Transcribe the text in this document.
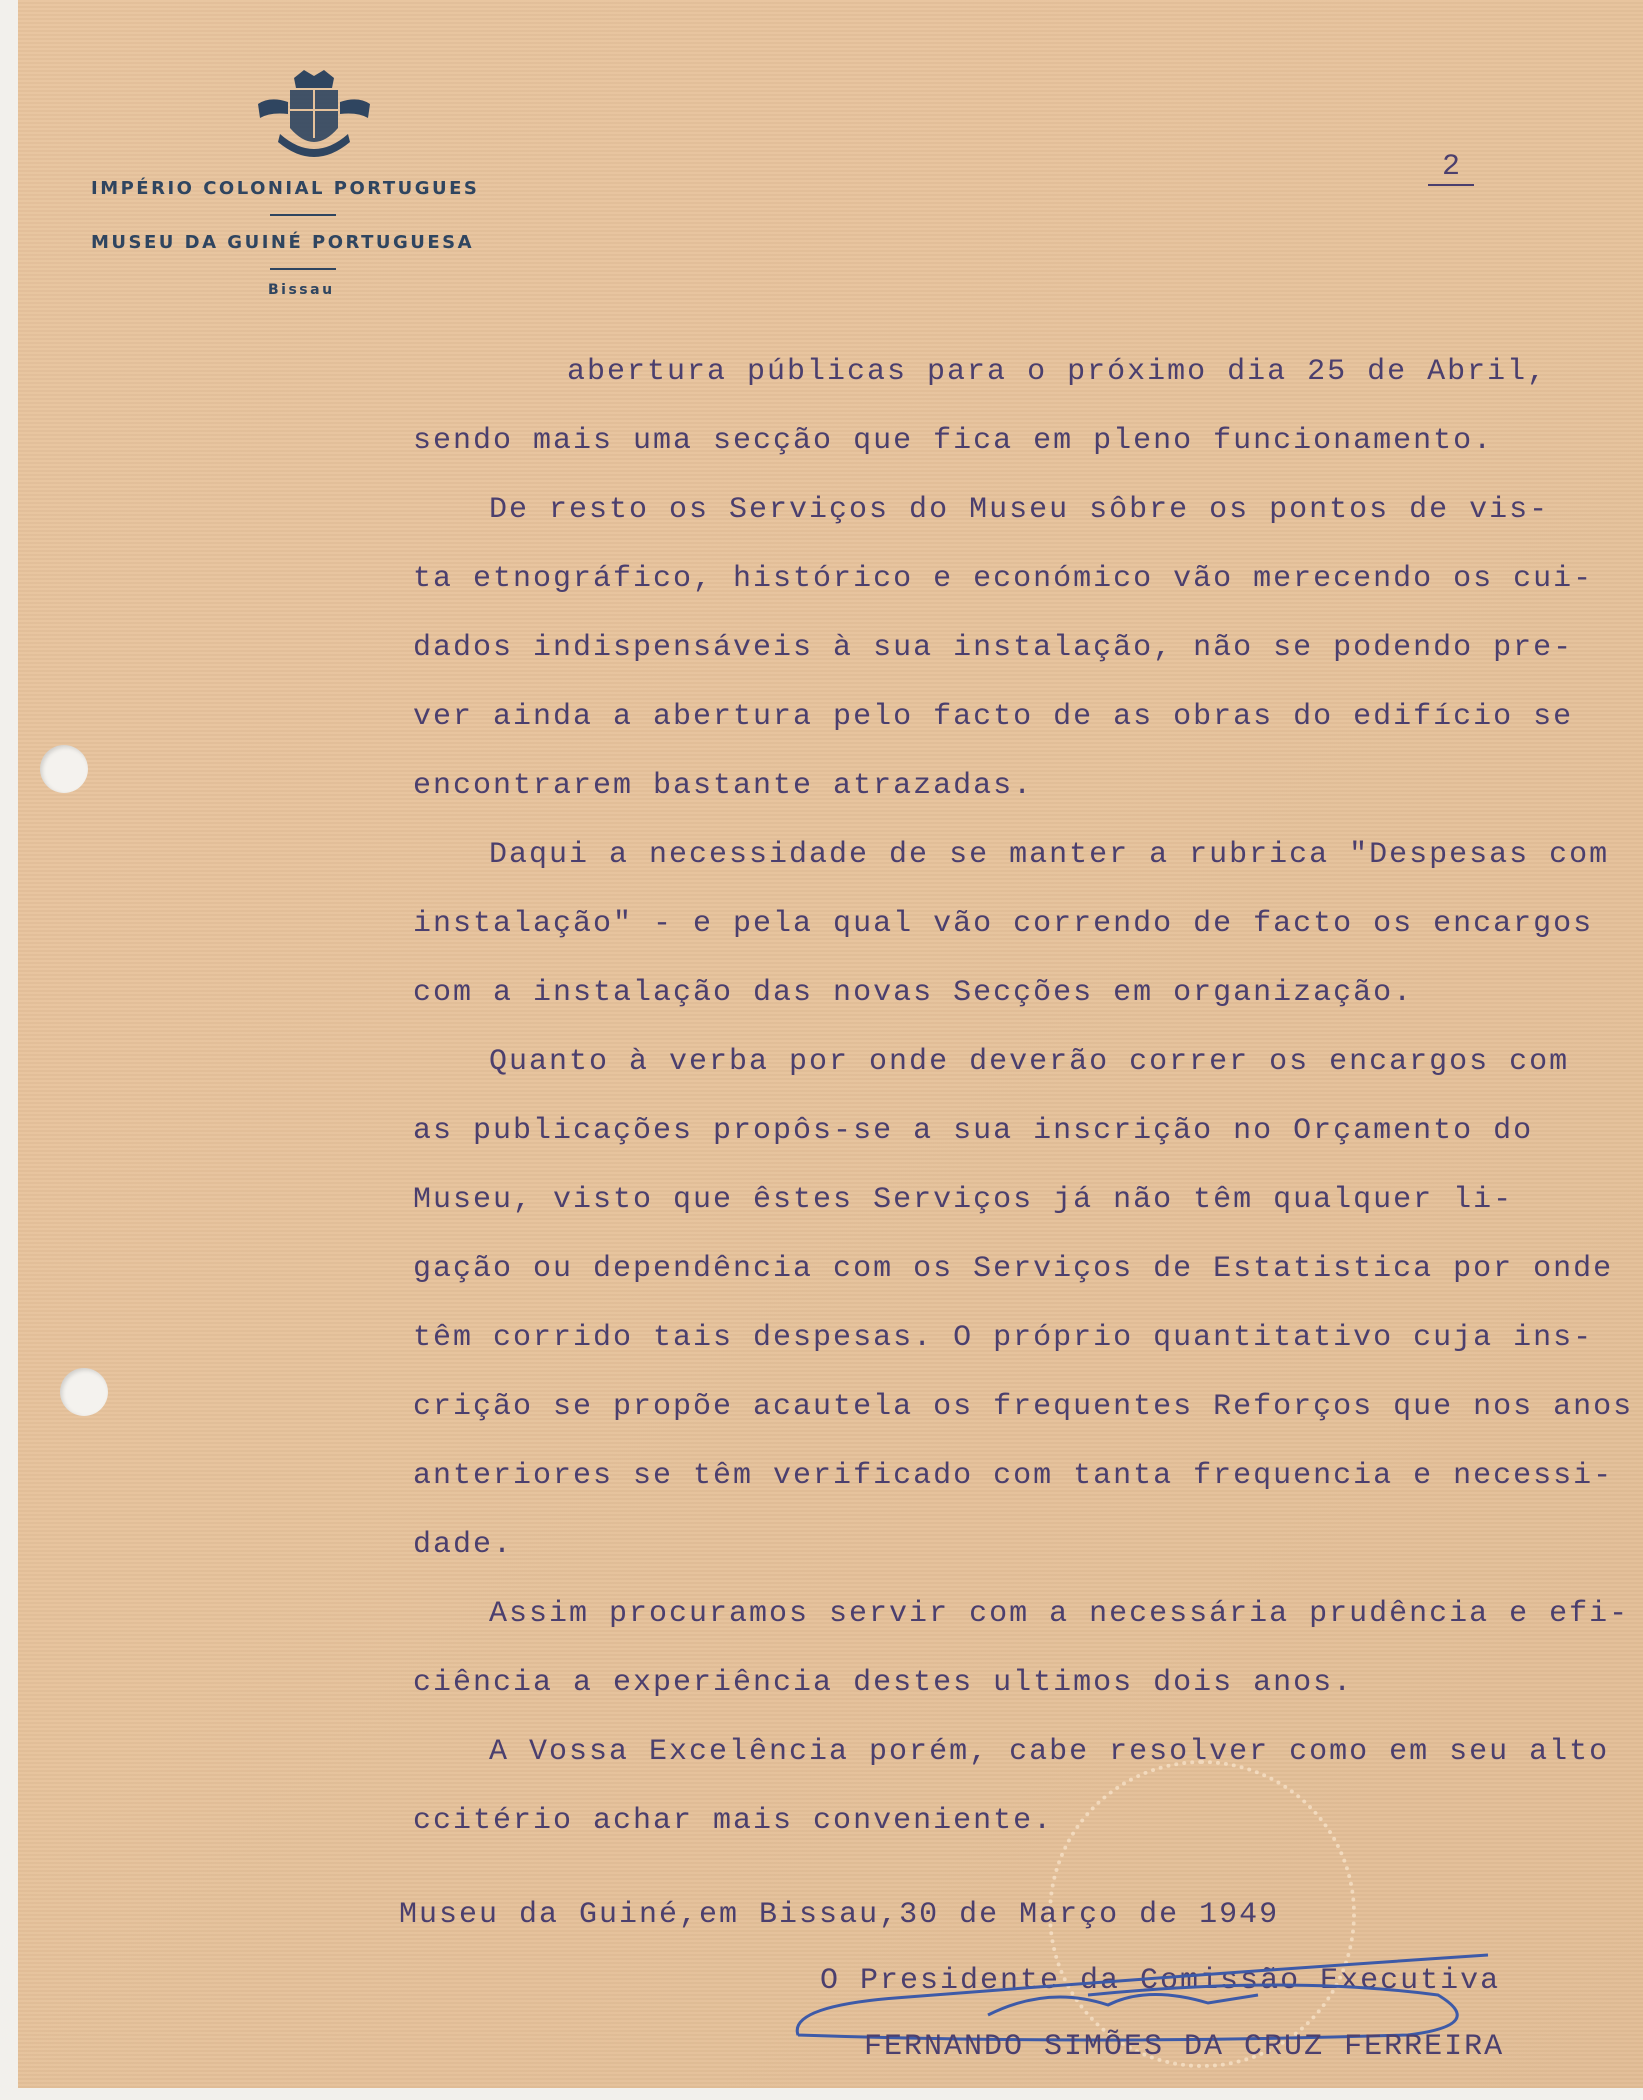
IMPÉRIO COLONIAL PORTUGUES
MUSEU DA GUINÉ PORTUGUESA
Bissau
2
abertura públicas para o próximo dia 25 de Abril,
sendo mais uma secção que fica em pleno funcionamento.
De resto os Serviços do Museu sôbre os pontos de vis-
ta etnográfico, histórico e económico vão merecendo os cui-
dados indispensáveis à sua instalação, não se podendo pre-
ver ainda a abertura pelo facto de as obras do edifício se
encontrarem bastante atrazadas.
Daqui a necessidade de se manter a rubrica "Despesas com
instalação" - e pela qual vão correndo de facto os encargos
com a instalação das novas Secções em organização.
Quanto à verba por onde deverão correr os encargos com
as publicações propôs-se a sua inscrição no Orçamento do
Museu, visto que êstes Serviços já não têm qualquer li-
gação ou dependência com os Serviços de Estatistica por onde
têm corrido tais despesas. O próprio quantitativo cuja ins-
crição se propõe acautela os frequentes Reforços que nos anos
anteriores se têm verificado com tanta frequencia e necessi-
dade.
Assim procuramos servir com a necessária prudência e efi-
ciência a experiência destes ultimos dois anos.
A Vossa Excelência porém, cabe resolver como em seu alto
ccitério achar mais conveniente.
Museu da Guiné,em Bissau,30 de Março de 1949
O Presidente da Comissão Executiva
FERNANDO SIMÕES DA CRUZ FERREIRA
